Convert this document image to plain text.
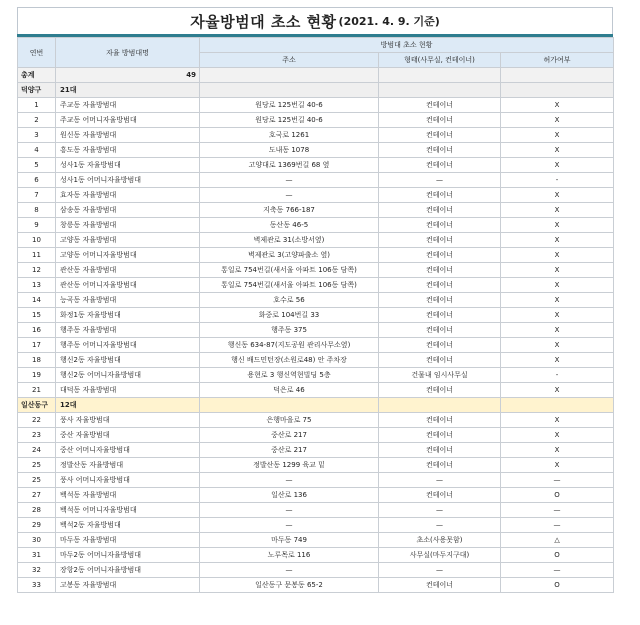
자율방범대 초소 현황 (2021. 4. 9. 기준)
연번	자율 방범대명	방범대 초소 현황		
		주소	형태(사무실, 컨테이너)	허가여부
총계	49			
덕양구	21대			
1	주교동 자율방범대	원당로 125번길 40-6	컨테이너	X
2	주교동 어머니자율방범대	원당로 125번길 40-6	컨테이너	X
3	원신동 자율방범대	호국로 1261	컨테이너	X
4	흥도동 자율방범대	도내동 1078	컨테이너	X
5	성사1동 자율방범대	고양대로 1369번길 68 옆	컨테이너	X
6	성사1동 어머니자율방범대	—	—	-
7	효자동 자율방범대	—	컨테이너	X
8	삼송동 자율방범대	지축동 766-187	컨테이너	X
9	창릉동 자율방범대	동산동 46-5	컨테이너	X
10	고양동 자율방범대	벽제관로 31(소방서옆)	컨테이너	X
11	고양동 어머니자율방범대	벽제관로 3(고양파출소 옆)	컨테이너	X
12	관산동 자율방범대	통일로 754번길(새서울 아파트 106동 담쪽)	컨테이너	X
13	관산동 어머니자율방범대	통일로 754번길(새서울 아파트 106동 담쪽)	컨테이너	X
14	능곡동 자율방범대	호수로 56	컨테이너	X
15	화정1동 자율방범대	화중로 104번길 33	컨테이너	X
16	행주동 자율방범대	행주동 375	컨테이너	X
17	행주동 어머니자율방범대	행신동 634-87(지도공원 관리사무소옆)	컨테이너	X
18	행신2동 자율방범대	행신 배드민턴장(소원로48) 안 주차장	컨테이너	X
19	행신2동 어머니자율방범대	용현로 3 행신역현빌딩 5층	건물내 임시사무실	-
21	대덕동 자율방범대	덕은로 46	컨테이너	X
일산동구	12대			
22	풍사 자율방범대	은행마을로 75	컨테이너	X
23	중산 자율방범대	중산로 217	컨테이너	X
24	중산 어머니자율방범대	중산로 217	컨테이너	X
25	정발산동 자율방범대	정발산동 1299 육교 밑	컨테이너	X
25	풍사 어머니자율방범대	—	—	—
27	백석동 자율방범대	일산로 136	컨테이너	O
28	백석동 어머니자율방범대	—	—	—
29	백석2동 자율방범대	—	—	—
30	마두동 자율방범대	마두동 749	초소(사용못함)	△
31	마두2동 어머니자율방범대	노루목로 116	사무실(마두지구대)	O
32	장항2동 어머니자율방범대	—	—	—
33	고봉동 자율방범대	일산동구 문봉동 65-2	컨테이너	O
